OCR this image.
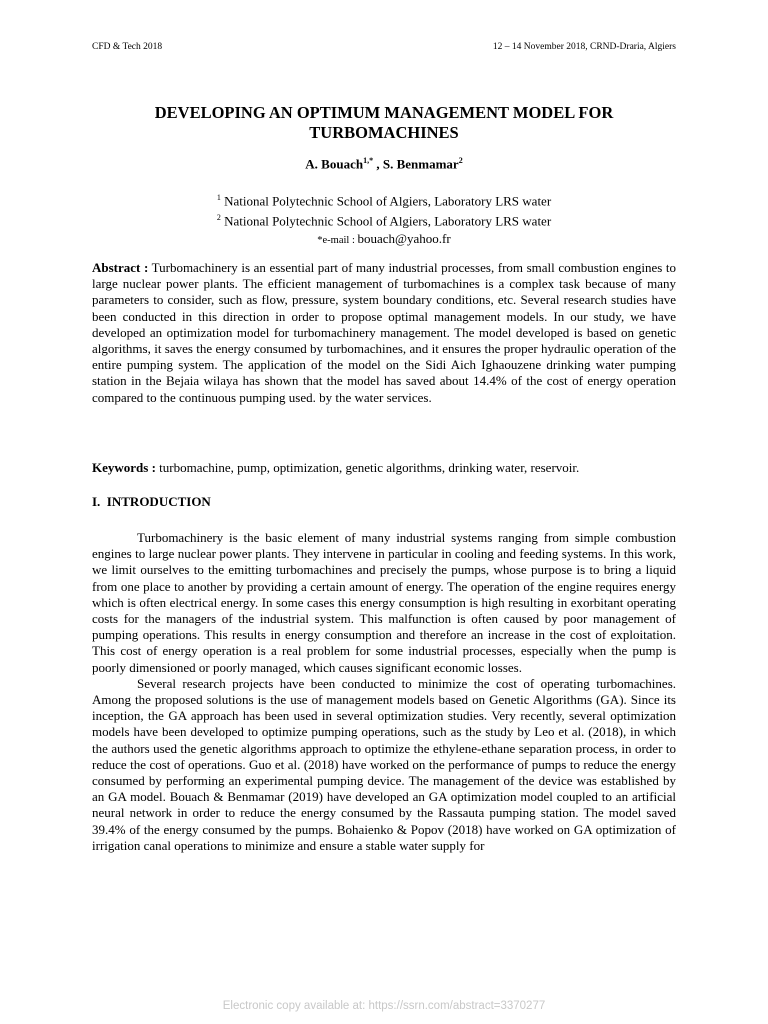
CFD & Tech 2018	12 – 14 November 2018, CRND-Draria, Algiers
DEVELOPING AN OPTIMUM MANAGEMENT MODEL FOR
TURBOMACHINES
A. Bouach$^{1,*}$ , S. Benmamar$^2$
$^1$ National Polytechnic School of Algiers, Laboratory LRS water
$^2$ National Polytechnic School of Algiers, Laboratory LRS water
*e-mail : bouach@yahoo.fr
Abstract : Turbomachinery is an essential part of many industrial processes, from small combustion engines to large nuclear power plants. The efficient management of turbomachines is a complex task because of many parameters to consider, such as flow, pressure, system boundary conditions, etc. Several research studies have been conducted in this direction in order to propose optimal management models. In our study, we have developed an optimization model for turbomachinery management. The model developed is based on genetic algorithms, it saves the energy consumed by turbomachines, and it ensures the proper hydraulic operation of the entire pumping system. The application of the model on the Sidi Aich Ighaouzene drinking water pumping station in the Bejaia wilaya has shown that the model has saved about 14.4% of the cost of energy operation compared to the continuous pumping used. by the water services.
Keywords : turbomachine, pump, optimization, genetic algorithms, drinking water, reservoir.
I.  INTRODUCTION

Turbomachinery is the basic element of many industrial systems ranging from simple combustion engines to large nuclear power plants. They intervene in particular in cooling and feeding systems. In this work, we limit ourselves to the emitting turbomachines and precisely the pumps, whose purpose is to bring a liquid from one place to another by providing a certain amount of energy. The operation of the engine requires energy which is often electrical energy. In some cases this energy consumption is high resulting in exorbitant operating costs for the managers of the industrial system. This malfunction is often caused by poor management of pumping operations. This results in energy consumption and therefore an increase in the cost of exploitation. This cost of energy operation is a real problem for some industrial processes, especially when the pump is poorly dimensioned or poorly managed, which causes significant economic losses.

Several research projects have been conducted to minimize the cost of operating turbomachines. Among the proposed solutions is the use of management models based on Genetic Algorithms (GA). Since its inception, the GA approach has been used in several optimization studies. Very recently, several optimization models have been developed to optimize pumping operations, such as the study by Leo et al. (2018), in which the authors used the genetic algorithms approach to optimize the ethylene-ethane separation process, in order to reduce the cost of operations. Guo et al. (2018) have worked on the performance of pumps to reduce the energy consumed by performing an experimental pumping device. The management of the device was established by an GA model. Bouach & Benmamar (2019) have developed an GA optimization model coupled to an artificial neural network in order to reduce the energy consumed by the Rassauta pumping station. The model saved 39.4% of the energy consumed by the pumps. Bohaienko & Popov (2018) have worked on GA optimization of irrigation canal operations to minimize and ensure a stable water supply for

Electronic copy available at: https://ssrn.com/abstract=3370277
